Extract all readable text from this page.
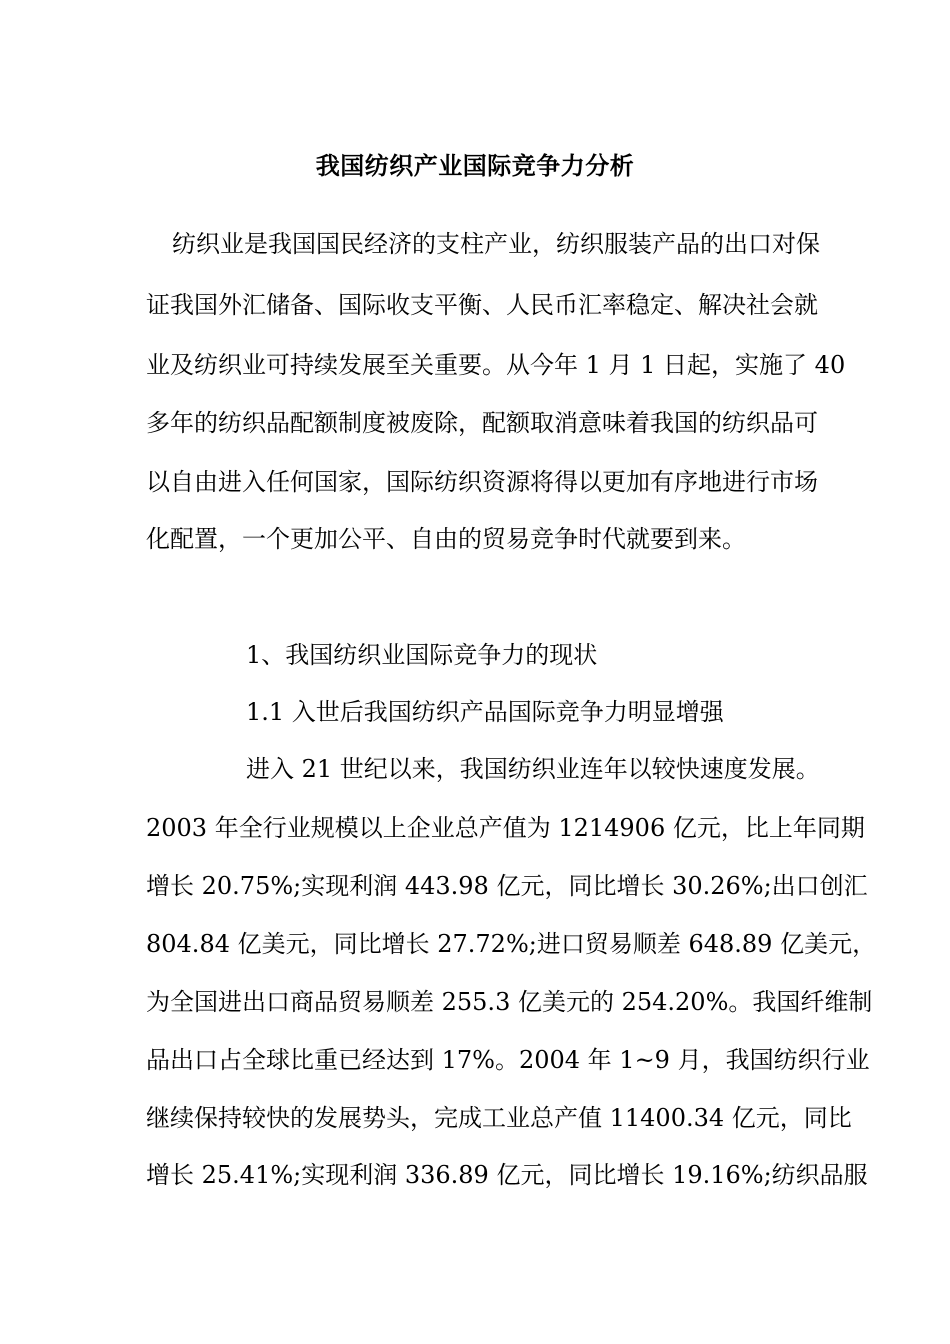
我国纺织产业国际竞争力分析
纺织业是我国国民经济的支柱产业，纺织服装产品的出口对保
证我国外汇储备、国际收支平衡、人民币汇率稳定、解决社会就
业及纺织业可持续发展至关重要。从今年 1 月 1 日起，实施了 40
多年的纺织品配额制度被废除，配额取消意味着我国的纺织品可
以自由进入任何国家，国际纺织资源将得以更加有序地进行市场
化配置，一个更加公平、自由的贸易竞争时代就要到来。
1、我国纺织业国际竞争力的现状
1.1 入世后我国纺织产品国际竞争力明显增强
进入 21 世纪以来，我国纺织业连年以较快速度发展。
2003 年全行业规模以上企业总产值为 1214906 亿元，比上年同期
增长 20.75%;实现利润 443.98 亿元，同比增长 30.26%;出口创汇
804.84 亿美元，同比增长 27.72%;进口贸易顺差 648.89 亿美元，
为全国进出口商品贸易顺差 255.3 亿美元的 254.20%。我国纤维制
品出口占全球比重已经达到 17%。2004 年 1~9 月，我国纺织行业
继续保持较快的发展势头，完成工业总产值 11400.34 亿元，同比
增长 25.41%;实现利润 336.89 亿元，同比增长 19.16%;纺织品服
